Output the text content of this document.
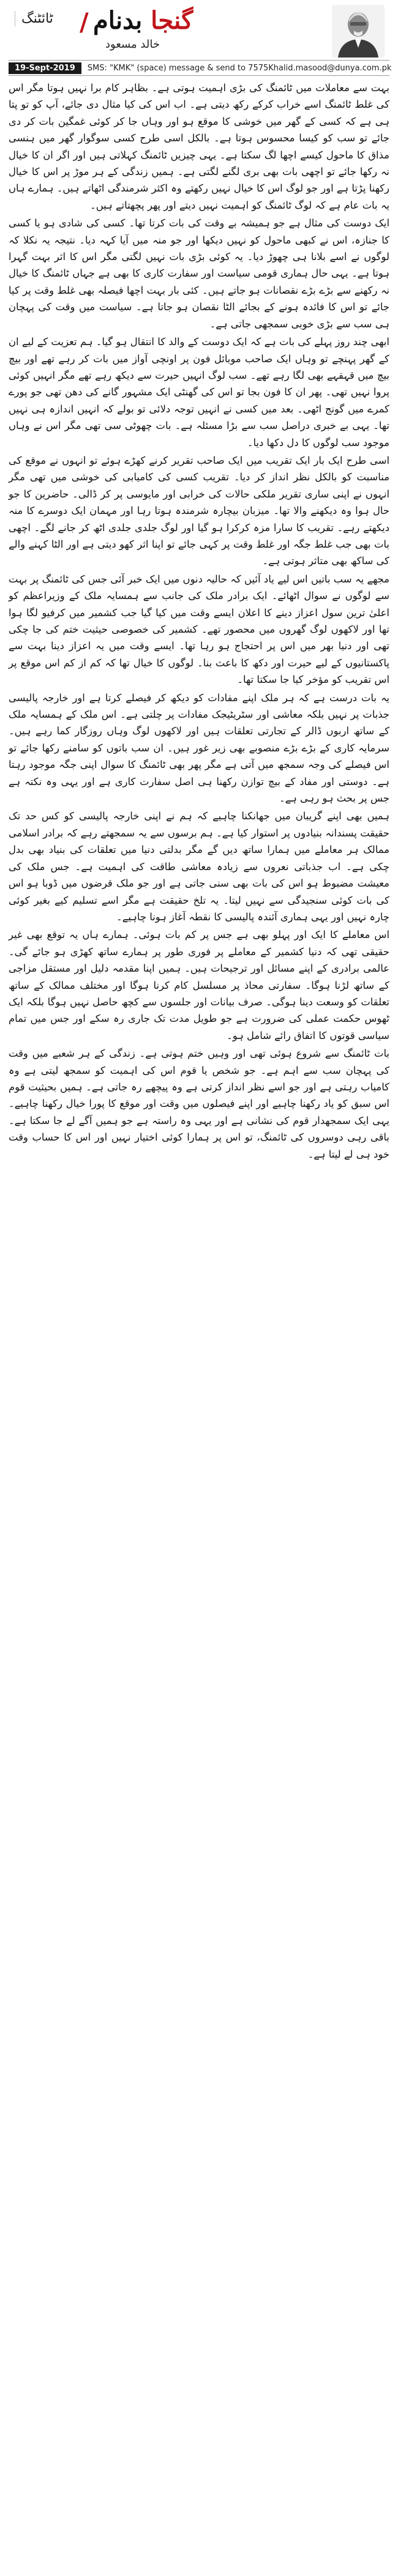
ٹائٹنگ /	گنجا بدنام
خالد مسعود
19-Sept-2019	SMS: "KMK" (space) message & send to 7575 Khalid.masood@dunya.com.pk

بہت سے معاملات میں ٹائمنگ کی بڑی اہمیت ہوتی ہے۔ بظاہر کام برا نہیں ہوتا مگر اس کی غلط ٹائمنگ اسے خراب کرکے رکھ دیتی ہے۔ اب اس کی کیا مثال دی جائے، آپ کو تو پتا ہی ہے کہ کسی کے گھر میں خوشی کا موقع ہو اور وہاں جا کر کوئی غمگین بات کر دی جائے تو سب کو کیسا محسوس ہوتا ہے۔ بالکل اسی طرح کسی سوگوار گھر میں ہنسی مذاق کا ماحول کیسے اچھا لگ سکتا ہے۔ یہی چیزیں ٹائمنگ کہلاتی ہیں اور اگر ان کا خیال نہ رکھا جائے تو اچھی بات بھی بری لگنے لگتی ہے۔ ہمیں زندگی کے ہر موڑ پر اس کا خیال رکھنا پڑتا ہے اور جو لوگ اس کا خیال نہیں رکھتے وہ اکثر شرمندگی اٹھاتے ہیں۔ ہمارے ہاں یہ بات عام ہے کہ لوگ ٹائمنگ کو اہمیت نہیں دیتے اور پھر پچھتاتے ہیں۔

ایک دوست کی مثال ہے جو ہمیشہ بے وقت کی بات کرتا تھا۔ کسی کی شادی ہو یا کسی کا جنازہ، اس نے کبھی ماحول کو نہیں دیکھا اور جو منہ میں آیا کہہ دیا۔ نتیجہ یہ نکلا کہ لوگوں نے اسے بلانا ہی چھوڑ دیا۔ یہ کوئی بڑی بات نہیں لگتی مگر اس کا اثر بہت گہرا ہوتا ہے۔ یہی حال ہماری قومی سیاست اور سفارت کاری کا بھی ہے جہاں ٹائمنگ کا خیال نہ رکھنے سے بڑے بڑے نقصانات ہو جاتے ہیں۔ کئی بار بہت اچھا فیصلہ بھی غلط وقت پر کیا جائے تو اس کا فائدہ ہونے کے بجائے الٹا نقصان ہو جاتا ہے۔ سیاست میں وقت کی پہچان ہی سب سے بڑی خوبی سمجھی جاتی ہے۔

ابھی چند روز پہلے کی بات ہے کہ ایک دوست کے والد کا انتقال ہو گیا۔ ہم تعزیت کے لیے ان کے گھر پہنچے تو وہاں ایک صاحب موبائل فون پر اونچی آواز میں بات کر رہے تھے اور بیچ بیچ میں قہقہے بھی لگا رہے تھے۔ سب لوگ انہیں حیرت سے دیکھ رہے تھے مگر انہیں کوئی پروا نہیں تھی۔ پھر ان کا فون بجا تو اس کی گھنٹی ایک مشہور گانے کی دھن تھی جو پورے کمرے میں گونج اٹھی۔ بعد میں کسی نے انہیں توجہ دلائی تو بولے کہ انہیں اندازہ ہی نہیں تھا۔ یہی بے خبری دراصل سب سے بڑا مسئلہ ہے۔ بات چھوٹی سی تھی مگر اس نے وہاں موجود سب لوگوں کا دل دکھا دیا۔

اسی طرح ایک بار ایک تقریب میں ایک صاحب تقریر کرنے کھڑے ہوئے تو انہوں نے موقع کی مناسبت کو بالکل نظر انداز کر دیا۔ تقریب کسی کی کامیابی کی خوشی میں تھی مگر انہوں نے اپنی ساری تقریر ملکی حالات کی خرابی اور مایوسی پر کر ڈالی۔ حاضرین کا جو حال ہوا وہ دیکھنے والا تھا۔ میزبان بیچارہ شرمندہ ہوتا رہا اور مہمان ایک دوسرے کا منہ دیکھتے رہے۔ تقریب کا سارا مزہ کرکرا ہو گیا اور لوگ جلدی جلدی اٹھ کر جانے لگے۔ اچھی بات بھی جب غلط جگہ اور غلط وقت پر کہی جائے تو اپنا اثر کھو دیتی ہے اور الٹا کہنے والے کی ساکھ بھی متاثر ہوتی ہے۔

مجھے یہ سب باتیں اس لیے یاد آئیں کہ حالیہ دنوں میں ایک خبر آئی جس کی ٹائمنگ پر بہت سے لوگوں نے سوال اٹھائے۔ ایک برادر ملک کی جانب سے ہمسایہ ملک کے وزیراعظم کو اعلیٰ ترین سول اعزاز دینے کا اعلان ایسے وقت میں کیا گیا جب کشمیر میں کرفیو لگا ہوا تھا اور لاکھوں لوگ گھروں میں محصور تھے۔ کشمیر کی خصوصی حیثیت ختم کی جا چکی تھی اور دنیا بھر میں اس پر احتجاج ہو رہا تھا۔ ایسے وقت میں یہ اعزاز دینا بہت سے پاکستانیوں کے لیے حیرت اور دکھ کا باعث بنا۔ لوگوں کا خیال تھا کہ کم از کم اس موقع پر اس تقریب کو مؤخر کیا جا سکتا تھا۔

یہ بات درست ہے کہ ہر ملک اپنے مفادات کو دیکھ کر فیصلے کرتا ہے اور خارجہ پالیسی جذبات پر نہیں بلکہ معاشی اور سٹریٹیجک مفادات پر چلتی ہے۔ اس ملک کے ہمسایہ ملک کے ساتھ اربوں ڈالر کے تجارتی تعلقات ہیں اور لاکھوں لوگ وہاں روزگار کما رہے ہیں۔ سرمایہ کاری کے بڑے بڑے منصوبے بھی زیر غور ہیں۔ ان سب باتوں کو سامنے رکھا جائے تو اس فیصلے کی وجہ سمجھ میں آتی ہے مگر پھر بھی ٹائمنگ کا سوال اپنی جگہ موجود رہتا ہے۔ دوستی اور مفاد کے بیچ توازن رکھنا ہی اصل سفارت کاری ہے اور یہی وہ نکتہ ہے جس پر بحث ہو رہی ہے۔

ہمیں بھی اپنے گریبان میں جھانکنا چاہیے کہ ہم نے اپنی خارجہ پالیسی کو کس حد تک حقیقت پسندانہ بنیادوں پر استوار کیا ہے۔ ہم برسوں سے یہ سمجھتے رہے کہ برادر اسلامی ممالک ہر معاملے میں ہمارا ساتھ دیں گے مگر بدلتی دنیا میں تعلقات کی بنیاد بھی بدل چکی ہے۔ اب جذباتی نعروں سے زیادہ معاشی طاقت کی اہمیت ہے۔ جس ملک کی معیشت مضبوط ہو اس کی بات بھی سنی جاتی ہے اور جو ملک قرضوں میں ڈوبا ہو اس کی بات کوئی سنجیدگی سے نہیں لیتا۔ یہ تلخ حقیقت ہے مگر اسے تسلیم کیے بغیر کوئی چارہ نہیں اور یہی ہماری آئندہ پالیسی کا نقطہ آغاز ہونا چاہیے۔

اس معاملے کا ایک اور پہلو بھی ہے جس پر کم بات ہوئی۔ ہمارے ہاں یہ توقع بھی غیر حقیقی تھی کہ دنیا کشمیر کے معاملے پر فوری طور پر ہمارے ساتھ کھڑی ہو جائے گی۔ عالمی برادری کے اپنے مسائل اور ترجیحات ہیں۔ ہمیں اپنا مقدمہ دلیل اور مستقل مزاجی کے ساتھ لڑنا ہوگا۔ سفارتی محاذ پر مسلسل کام کرنا ہوگا اور مختلف ممالک کے ساتھ تعلقات کو وسعت دینا ہوگی۔ صرف بیانات اور جلسوں سے کچھ حاصل نہیں ہوگا بلکہ ایک ٹھوس حکمت عملی کی ضرورت ہے جو طویل مدت تک جاری رہ سکے اور جس میں تمام سیاسی قوتوں کا اتفاق رائے شامل ہو۔

بات ٹائمنگ سے شروع ہوئی تھی اور وہیں ختم ہوتی ہے۔ زندگی کے ہر شعبے میں وقت کی پہچان سب سے اہم ہے۔ جو شخص یا قوم اس کی اہمیت کو سمجھ لیتی ہے وہ کامیاب رہتی ہے اور جو اسے نظر انداز کرتی ہے وہ پیچھے رہ جاتی ہے۔ ہمیں بحیثیت قوم اس سبق کو یاد رکھنا چاہیے اور اپنے فیصلوں میں وقت اور موقع کا پورا خیال رکھنا چاہیے۔ یہی ایک سمجھدار قوم کی نشانی ہے اور یہی وہ راستہ ہے جو ہمیں آگے لے جا سکتا ہے۔ باقی رہی دوسروں کی ٹائمنگ، تو اس پر ہمارا کوئی اختیار نہیں اور اس کا حساب وقت خود ہی لے لیتا ہے۔
